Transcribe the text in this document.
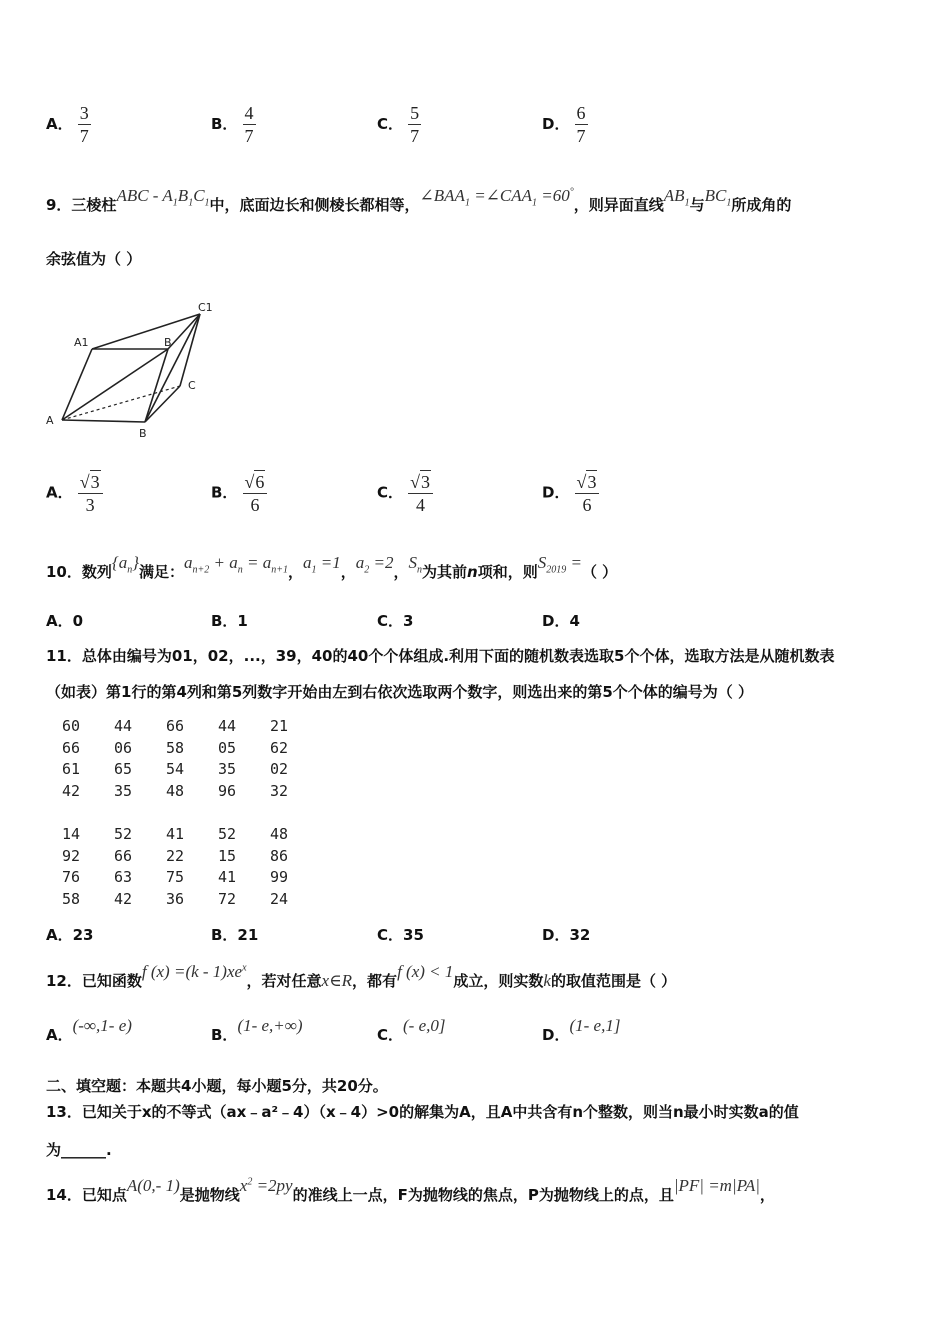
A． $\frac{3}{7}$	B． $\frac{4}{7}$	C． $\frac{5}{7}$	D． $\frac{6}{7}$
9．三棱柱ABC - $A_1B_1C_1$中，底面边长和侧棱长都相等，$\angle BAA_1$ $=\angle CAA_1 =60^\circ$，则异面直线$AB_1$与$BC_1$所成角的
余弦值为（ ）
A1	B
C1
C
A
B
A． $\frac{√ 3}{3}$	B． $\frac{√ 6}{6}$	C． $\frac{√ 3}{4}$	D． $\frac{√ 3}{6}$
10．数列$\{a_n\}$满足：$a_{n+2} + a_n = a_{n+1}$，$a_1 =1$，$a_2 =2$，$S_n$为其前n项和，则$S_{2019}$ =（ ）
A．0	B．1	C．3	D．4
11．总体由编号为01，02，...，39，40的40个个体组成.利用下面的随机数表选取5个个体，选取方法是从随机数表
（如表）第1行的第4列和第5列数字开始由左到右依次选取两个数字，则选出来的第5个个体的编号为（ ）
60	44	66	44	21
66	06	58	05	62
61	65	54	35	02
42	35	48	96	32
14	52	41	52	48
92	66	22	15	86
76	63	75	41	99
58	42	36	72	24
A．23	B．21	C．35	D．32
12．已知函数f $(x) =(k - 1)xe^x$，若对任意x∈R，都有f (x) < 1成立，则实数k的取值范围是（ ）
A．(-∞,1- e)	B．(1- e,+∞)	C．(- e,0]	D．(1- e,1]
二、填空题：本题共4小题，每小题5分，共20分。
13．已知关于x的不等式（ax﹣a²﹣4）（x﹣4）>0的解集为A，且A中共含有n个整数，则当n最小时实数a的值
为______.
14．已知点A(0,- 1)是抛物线$x^2 =2py$的准线上一点，F为抛物线的焦点，P为抛物线上的点，且|PF| =m|PA|，
